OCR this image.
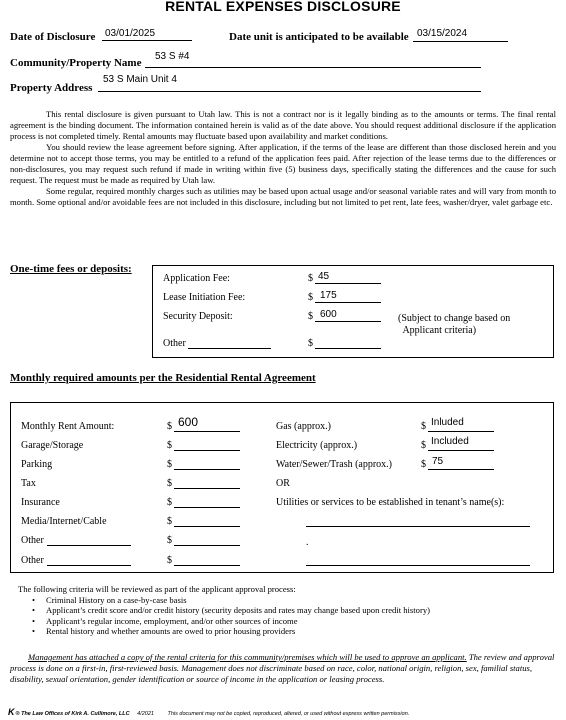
RENTAL EXPENSES DISCLOSURE
Date of Disclosure 03/01/2025	Date unit is anticipated to be available 03/15/2024
Community/Property Name
53 S #4
Property Address
53 S Main Unit 4

This rental disclosure is given pursuant to Utah law. This is not a contract nor is it legally binding as to the amounts or terms. The final rental agreement is the binding document. The information contained herein is valid as of the date above. You should request additional disclosure if the application process is not completed timely. Rental amounts may fluctuate based upon availability and market conditions.

You should review the lease agreement before signing. After application, if the terms of the lease are different than those disclosed herein and you determine not to accept those terms, you may be entitled to a refund of the application fees paid. After rejection of the lease terms due to the differences or non-disclosures, you may request such refund if made in writing within five (5) business days, specifically stating the differences and the cause for such request. The request must be made as required by Utah law.

Some regular, required monthly charges such as utilities may be based upon actual usage and/or seasonal variable rates and will vary from month to month. Some optional and/or avoidable fees are not included in this disclosure, including but not limited to pet rent, late fees, washer/dryer, valet garbage etc.

One-time fees or deposits:
Application Fee:	$ 45
Lease Initiation Fee:	$ 175
Security Deposit:	$ 600	(Subject to change based on
Applicant criteria)
Other	$
Monthly required amounts per the Residential Rental Agreement
Monthly Rent Amount:	$ 600
Garage/Storage	$
Parking	$
Tax	$
Insurance	$
Media/Internet/Cable	$
Other	$
Other	$
Gas (approx.)	$ Inluded
Electricity (approx.)	$ Included
Water/Sewer/Trash (approx.)	$ 75
OR
Utilities or services to be established in tenant’s name(s):
.
The following criteria will be reviewed as part of the applicant approval process:
• Criminal History on a case-by-case basis
• Applicant’s credit score and/or credit history (security deposits and rates may change based upon credit history)
• Applicant’s regular income, employment, and/or other sources of income
• Rental history and whether amounts are owed to prior housing providers
Management has attached a copy of the rental criteria for this community/premises which will be used to approve an applicant. The review and approval process is done on a first-in, first-reviewed basis. Management does not discriminate based on race, color, national origin, religion, sex, familial status, disability, sexual orientation, gender identification or source of income in the application or leasing process.
K® The Law Offices of Kirk A. Cullimore, LLC 4/2021 This document may not be copied, reproduced, altered, or used without express written permission.
